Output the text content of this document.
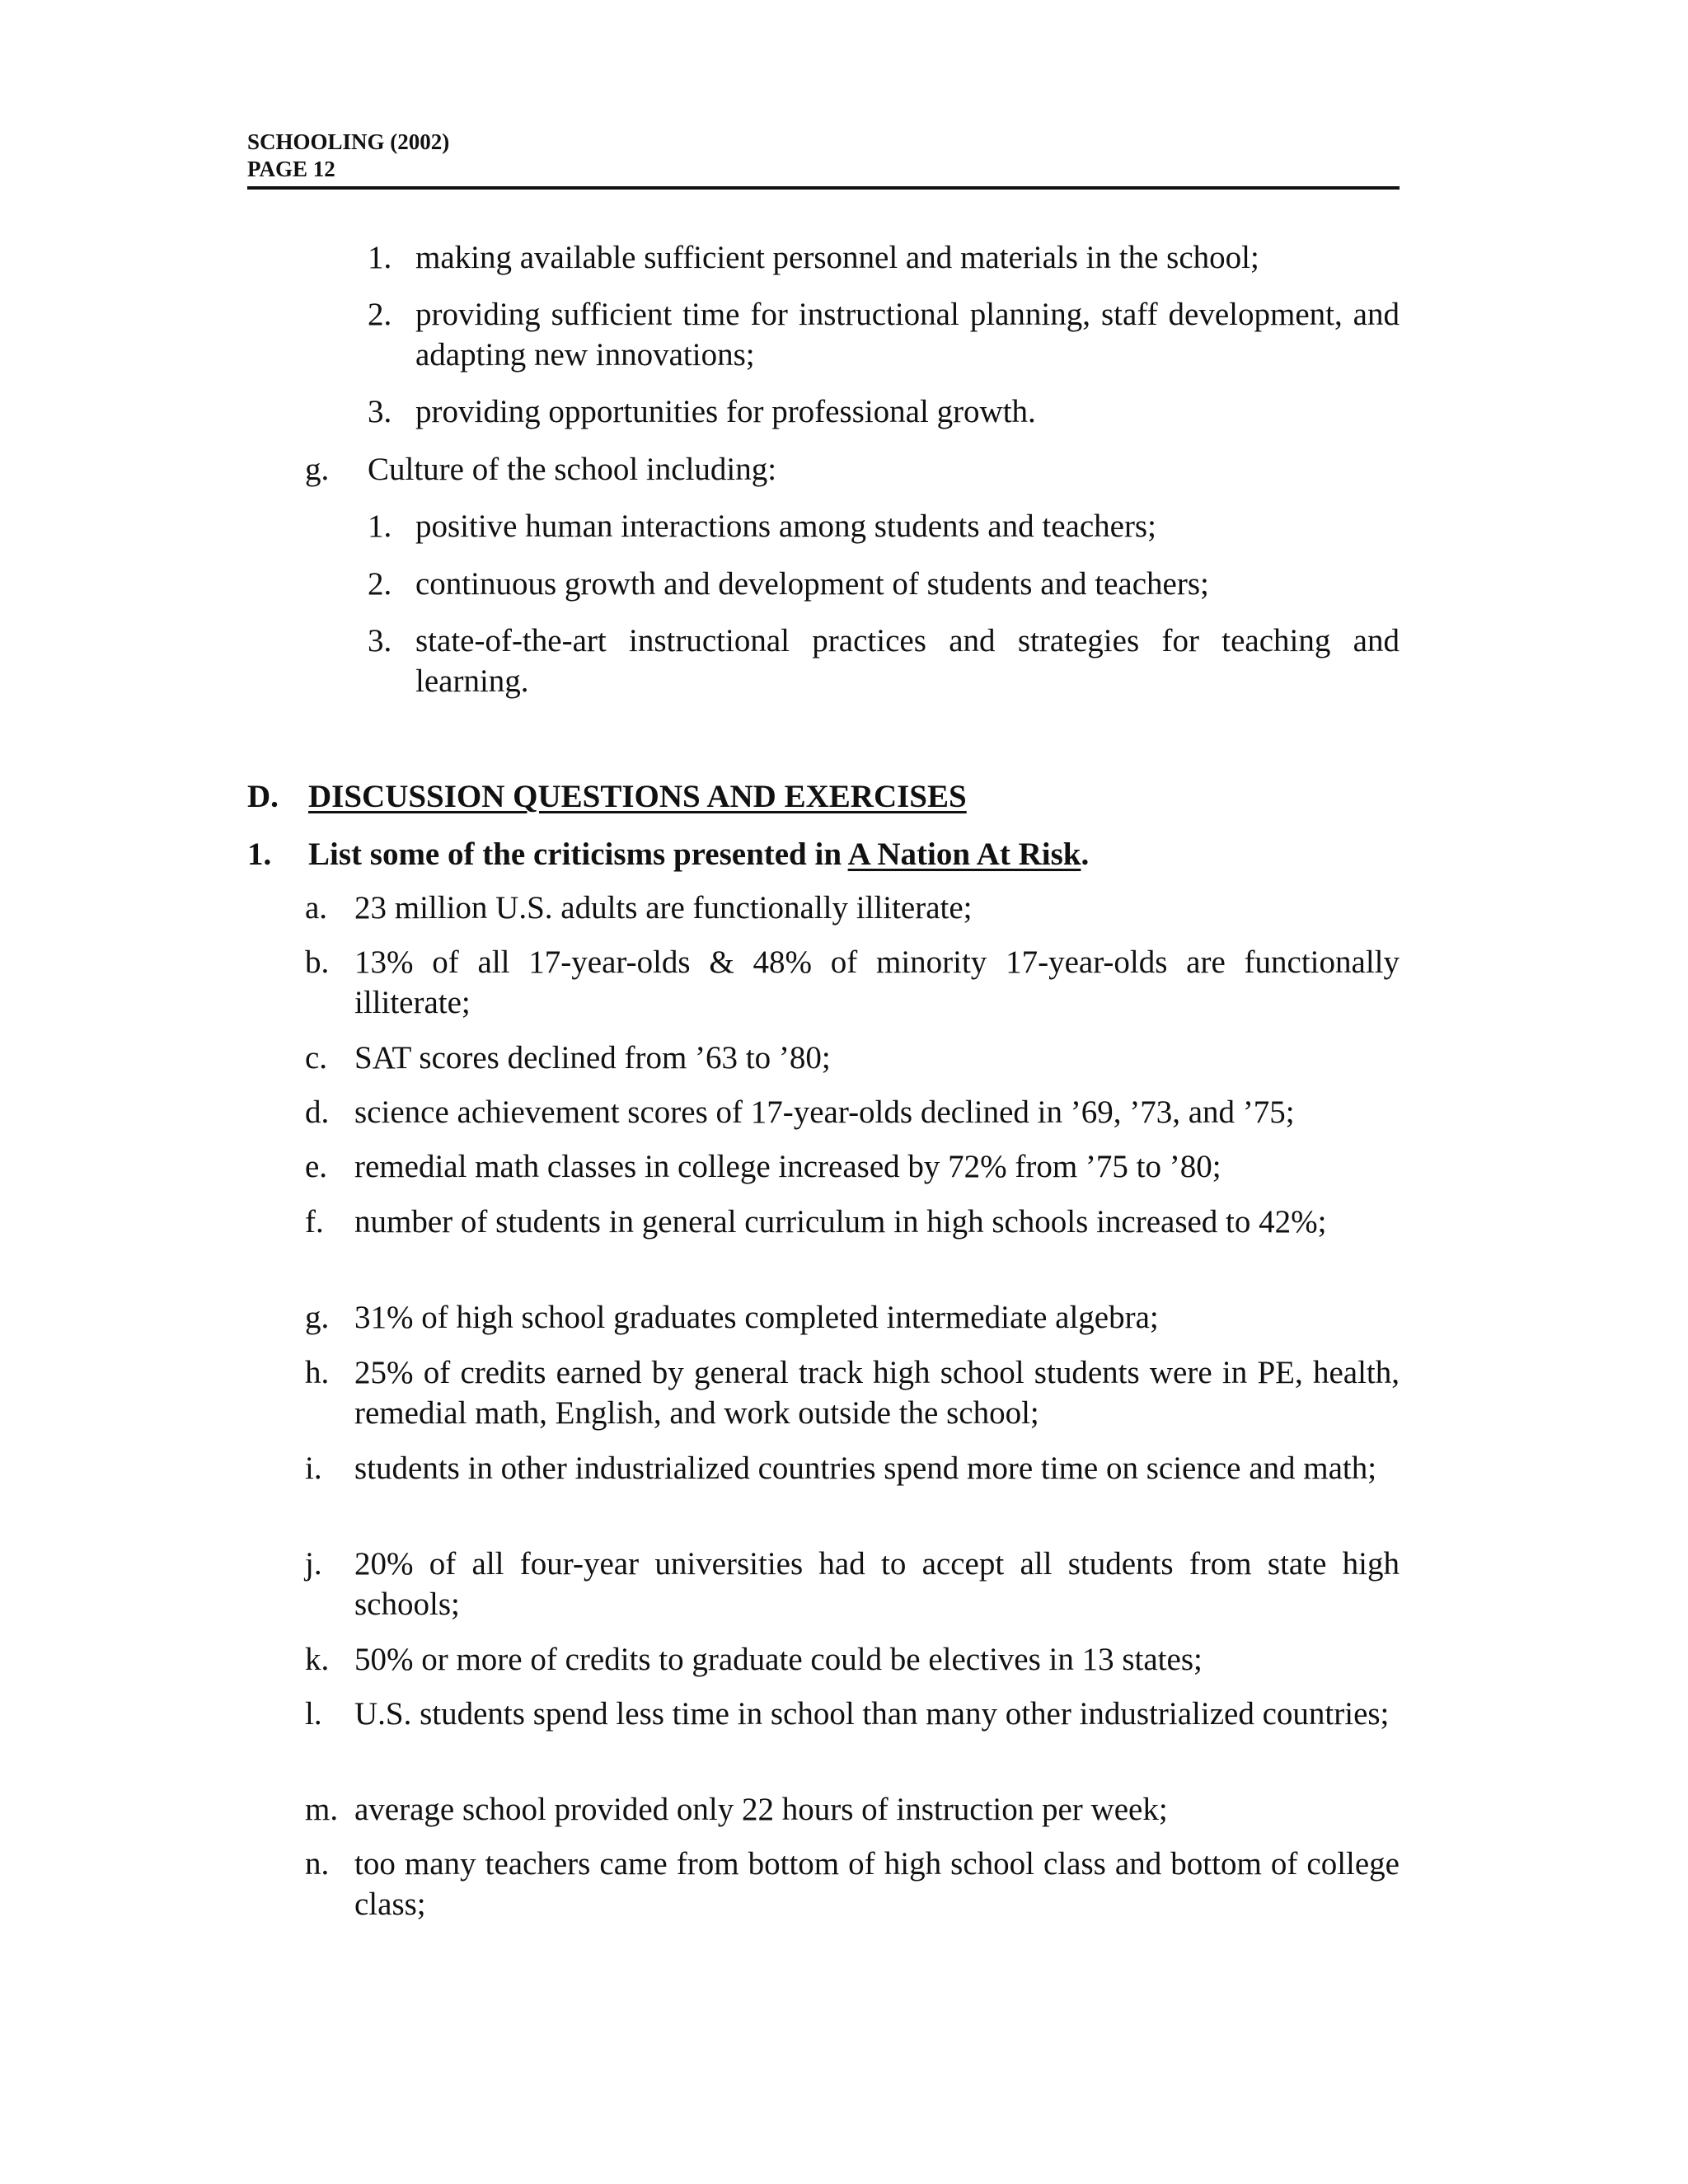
SCHOOLING (2002)
PAGE 12
1. making available sufficient personnel and materials in the school;
2. providing sufficient time for instructional planning, staff development, and adapting new innovations;
3. providing opportunities for professional growth.
g. Culture of the school including:
1. positive human interactions among students and teachers;
2. continuous growth and development of students and teachers;
3. state-of-the-art instructional practices and strategies for teaching and learning.
D. DISCUSSION QUESTIONS AND EXERCISES
1. List some of the criticisms presented in A Nation At Risk.
a. 23 million U.S. adults are functionally illiterate;
b. 13% of all 17-year-olds & 48% of minority 17-year-olds are functionally illiterate;
c. SAT scores declined from ’63 to ’80;
d. science achievement scores of 17-year-olds declined in ’69, ’73, and ’75;
e. remedial math classes in college increased by 72% from ’75 to ’80;
f. number of students in general curriculum in high schools increased to 42%;
g. 31% of high school graduates completed intermediate algebra;
h. 25% of credits earned by general track high school students were in PE, health, remedial math, English, and work outside the school;
i. students in other industrialized countries spend more time on science and math;
j. 20% of all four-year universities had to accept all students from state high schools;
k. 50% or more of credits to graduate could be electives in 13 states;
l. U.S. students spend less time in school than many other industrialized countries;
m. average school provided only 22 hours of instruction per week;
n. too many teachers came from bottom of high school class and bottom of college class;
